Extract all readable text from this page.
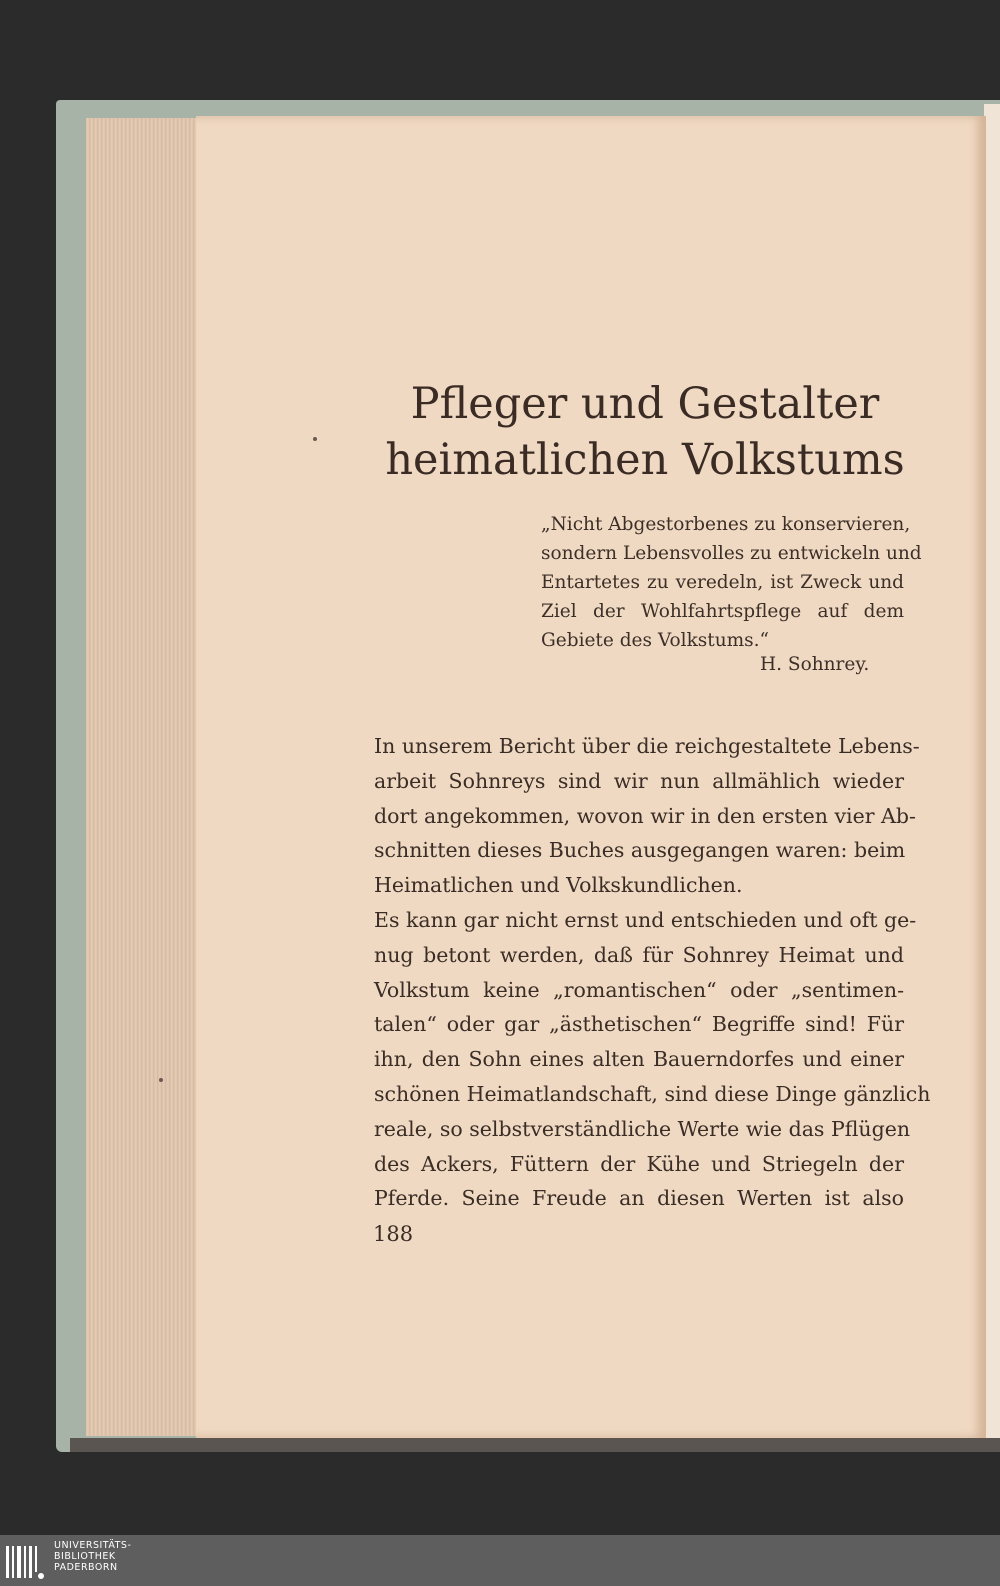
Pfleger und Gestalter
heimatlichen Volkstums
„Nicht Abgestorbenes zu konservieren,
sondern Lebensvolles zu entwickeln und
Entartetes zu veredeln, ist Zweck und
Ziel der Wohlfahrtspflege auf dem
Gebiete des Volkstums.“
H. Sohnrey.
In unserem Bericht über die reichgestaltete Lebens-
arbeit Sohnreys sind wir nun allmählich wieder
dort angekommen, wovon wir in den ersten vier Ab-
schnitten dieses Buches ausgegangen waren: beim
Heimatlichen und Volkskundlichen.
Es kann gar nicht ernst und entschieden und oft ge-
nug betont werden, daß für Sohnrey Heimat und
Volkstum keine „romantischen“ oder „sentimen-
talen“ oder gar „ästhetischen“ Begriffe sind! Für
ihn, den Sohn eines alten Bauerndorfes und einer
schönen Heimatlandschaft, sind diese Dinge gänzlich
reale, so selbstverständliche Werte wie das Pflügen
des Ackers, Füttern der Kühe und Striegeln der
Pferde. Seine Freude an diesen Werten ist also
188
UNIVERSITÄTS-
BIBLIOTHEK
PADERBORN
